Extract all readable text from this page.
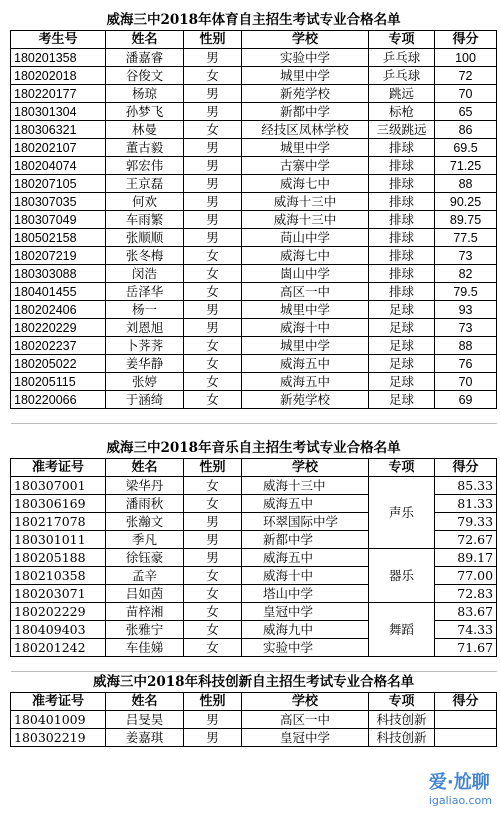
威海三中2018年体育自主招生考试专业合格名单					
考生号	姓名	性别	学校	专项	得分
180201358	潘嘉睿	男	实验中学	乒乓球	100
180202018	谷俊文	女	城里中学	乒乓球	72
180220177	杨琼	男	新苑学校	跳远	70
180301304	孙梦飞	男	新都中学	标枪	65
180306321	林曼	女	经技区凤林学校	三级跳远	86
180202107	董古毅	男	城里中学	排球	69.5
180204074	郭宏伟	男	古寨中学	排球	71.25
180207105	王京磊	男	威海七中	排球	88
180307035	何欢	男	威海十三中	排球	90.25
180307049	车雨繁	男	威海十三中	排球	89.75
180502158	张顺顺	男	苘山中学	排球	77.5
180207219	张冬梅	女	威海七中	排球	73
180303088	闵浩	女	崮山中学	排球	82
180401455	岳泽华	女	高区一中	排球	79.5
180202406	杨一	男	城里中学	足球	93
180220229	刘恩旭	男	威海十中	足球	73
180202237	卜荠荠	女	城里中学	足球	88
180205022	姜华静	女	威海五中	足球	76
180205115	张婷	女	威海五中	足球	70
180220066	于涵绮	女	新苑学校	足球	69

威海三中2018年音乐自主招生考试专业合格名单					
准考证号	姓名	性别	学校	专项	得分
180307001	梁华丹	女	威海十三中	声乐	85.33
180306169	潘雨秋	女	威海五中		81.33
180217078	张瀚文	男	环翠国际中学		79.33
180301011	季凡	男	新都中学		72.67
180205188	徐钰豪	男	威海五中	器乐	89.17
180210358	孟辛	女	威海十中		77.00
180203071	吕如茵	女	塔山中学		72.83
180202229	苗梓湘	女	皇冠中学	舞蹈	83.67
180409403	张雅宁	女	威海九中		74.33
180201242	车佳娣	女	实验中学		71.67

威海三中2018年科技创新自主招生考试专业合格名单					
准考证号	姓名	性别	学校	专项	得分
180401009	吕旻昊	男	高区一中	科技创新	
180302219	姜嘉琪	男	皇冠中学	科技创新	
爱·尬聊
igaliao.com
